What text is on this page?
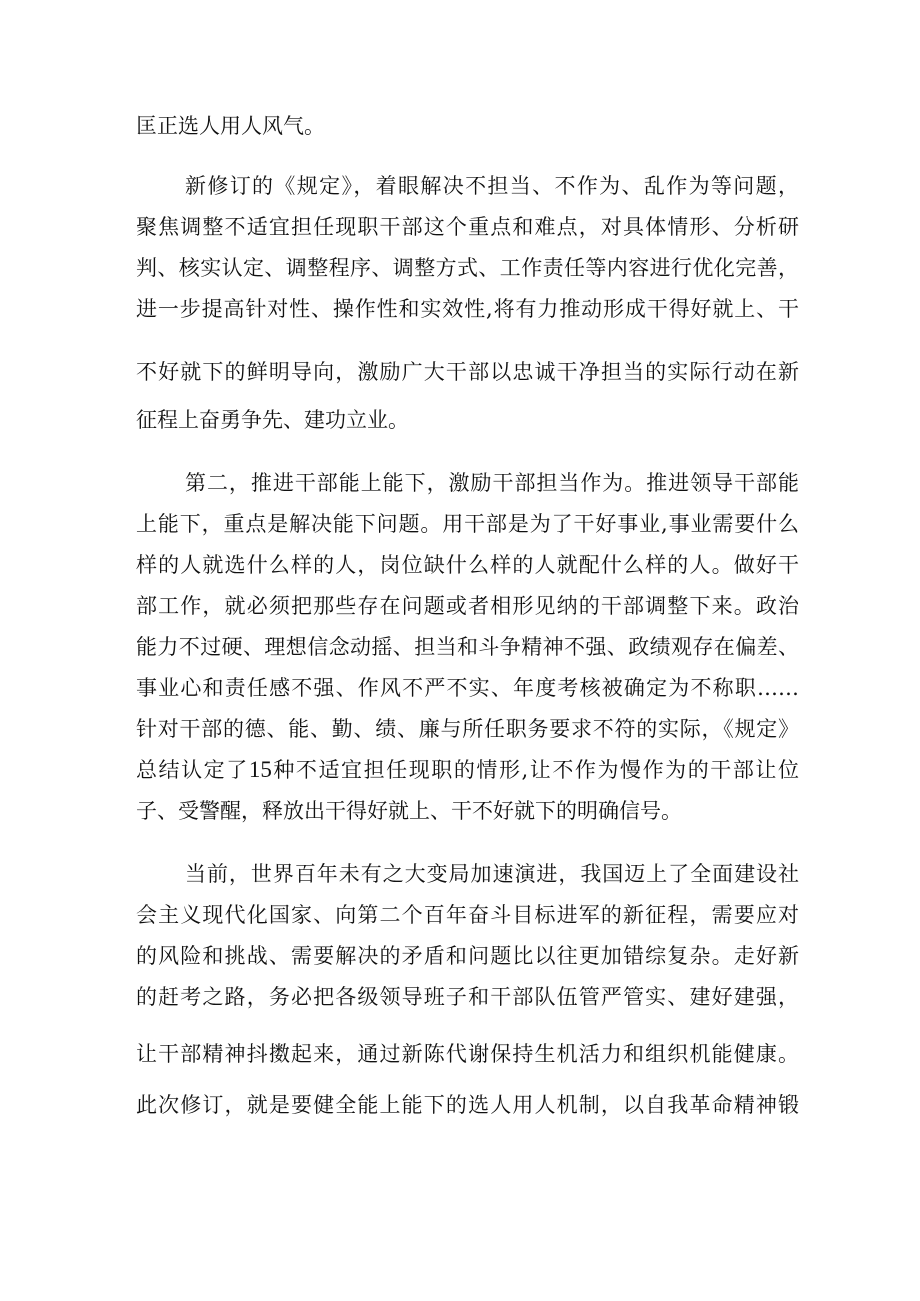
匡正选人用人风气。
新修订的《规定》，着眼解决不担当、不作为、乱作为等问题，
聚焦调整不适宜担任现职干部这个重点和难点，对具体情形、分析研
判、核实认定、调整程序、调整方式、工作责任等内容进行优化完善，
进一步提高针对性、操作性和实效性,将有力推动形成干得好就上、干
不好就下的鲜明导向，激励广大干部以忠诚干净担当的实际行动在新
征程上奋勇争先、建功立业。
第二，推进干部能上能下，激励干部担当作为。推进领导干部能
上能下，重点是解决能下问题。用干部是为了干好事业,事业需要什么
样的人就选什么样的人，岗位缺什么样的人就配什么样的人。做好干
部工作，就必须把那些存在问题或者相形见纳的干部调整下来。政治
能力不过硬、理想信念动摇、担当和斗争精神不强、政绩观存在偏差、
事业心和责任感不强、作风不严不实、年度考核被确定为不称职……
针对干部的德、能、勤、绩、廉与所任职务要求不符的实际，《规定》
总结认定了15种不适宜担任现职的情形,让不作为慢作为的干部让位
子、受警醒，释放出干得好就上、干不好就下的明确信号。
当前，世界百年未有之大变局加速演进，我国迈上了全面建设社
会主义现代化国家、向第二个百年奋斗目标进军的新征程，需要应对
的风险和挑战、需要解决的矛盾和问题比以往更加错综复杂。走好新
的赶考之路，务必把各级领导班子和干部队伍管严管实、建好建强，
让干部精神抖擞起来，通过新陈代谢保持生机活力和组织机能健康。
此次修订，就是要健全能上能下的选人用人机制，以自我革命精神锻
